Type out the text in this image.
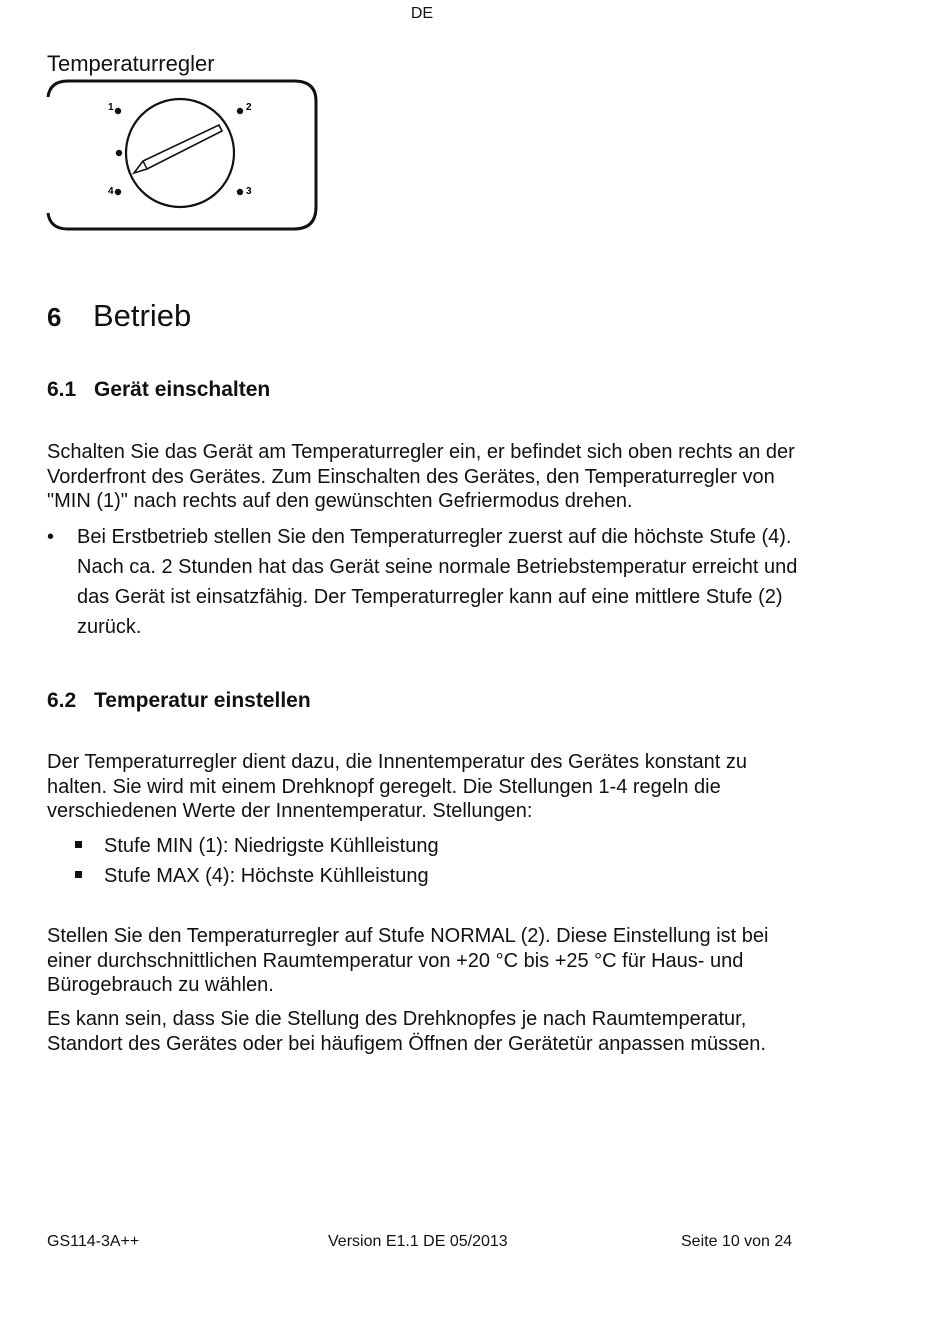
DE
Temperaturregler
1	2
3
4
6 Betrieb
6.1 Gerät einschalten
Schalten Sie das Gerät am Temperaturregler ein, er befindet sich oben rechts an der
Vorderfront des Gerätes. Zum Einschalten des Gerätes, den Temperaturregler von
"MIN (1)" nach rechts auf den gewünschten Gefriermodus drehen.
•	Bei Erstbetrieb stellen Sie den Temperaturregler zuerst auf die höchste Stufe (4).
Nach ca. 2 Stunden hat das Gerät seine normale Betriebstemperatur erreicht und
das Gerät ist einsatzfähig. Der Temperaturregler kann auf eine mittlere Stufe (2)
zurück.
6.2 Temperatur einstellen
Der Temperaturregler dient dazu, die Innentemperatur des Gerätes konstant zu
halten. Sie wird mit einem Drehknopf geregelt. Die Stellungen 1-4 regeln die
verschiedenen Werte der Innentemperatur. Stellungen:
Stufe MIN (1): Niedrigste Kühlleistung
Stufe MAX (4): Höchste Kühlleistung
Stellen Sie den Temperaturregler auf Stufe NORMAL (2). Diese Einstellung ist bei
einer durchschnittlichen Raumtemperatur von +20 °C bis +25 °C für Haus- und
Bürogebrauch zu wählen.
Es kann sein, dass Sie die Stellung des Drehknopfes je nach Raumtemperatur,
Standort des Gerätes oder bei häufigem Öffnen der Gerätetür anpassen müssen.
GS114-3A++	Version E1.1 DE 05/2013	Seite 10 von 24
